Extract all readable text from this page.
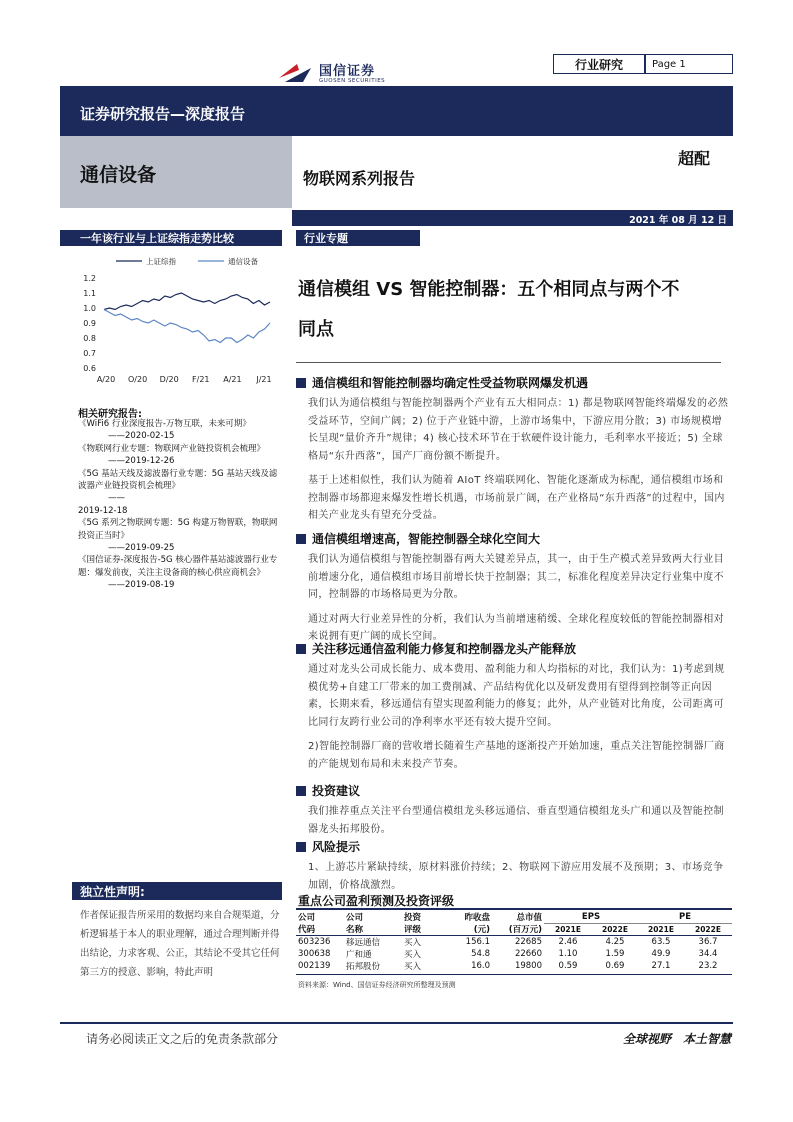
国信证券
GUOSEN SECURITIES
行业研究	Page
1
证券研究报告—深度报告
通信设备	物联网系列报告
超配
2021 年 08 月 12 日
一年该行业与上证综指走势比较
上证综指	通信设备
1.2
1.1
1.0
0.9
0.8
0.7
0.6
A/20 O/20 D/20 F/21 A/21 J/21
相关研究报告:
《WiFi6 行业深度报告-万物互联，未来可期》
——2020-02-15
《物联网行业专题：物联网产业链投资机会梳理》
——2019-12-26
《5G 基站天线及滤波器行业专题：5G 基站天线及滤波器产业链投资机会梳理》
——
2019-12-18
《5G 系列之物联网专题：5G 构建万物智联，物联网投资正当时》
——2019-09-25
《国信证券-深度报告-5G 核心器件基站滤波器行业专题：爆发前夜，关注主设备商的核心供应商机会》
——2019-08-19
独立性声明:
作者保证报告所采用的数据均来自合规渠道，分析逻辑基于本人的职业理解，通过合理判断并得出结论，力求客观、公正，其结论不受其它任何第三方的授意、影响，特此声明
行业专题
通信模组 VS 智能控制器：五个相同点与两个不
同点
通信模组和智能控制器均确定性受益物联网爆发机遇
我们认为通信模组与智能控制器两个产业有五大相同点：1) 都是物联网智能终端爆发的必然受益环节，空间广阔；2) 位于产业链中游，上游市场集中，下游应用分散；3) 市场规模增长呈现“量价齐升”规律；4) 核心技术环节在于软硬件设计能力，毛利率水平接近；5) 全球格局“东升西落”，国产厂商份额不断提升。
基于上述相似性，我们认为随着 AIoT 终端联网化、智能化逐渐成为标配，通信模组市场和控制器市场都迎来爆发性增长机遇，市场前景广阔，在产业格局“东升西落”的过程中，国内相关产业龙头有望充分受益。
通信模组增速高，智能控制器全球化空间大
我们认为通信模组与智能控制器有两大关键差异点，其一，由于生产模式差异致两大行业目前增速分化，通信模组市场目前增长快于控制器；其二，标准化程度差异决定行业集中度不同，控制器的市场格局更为分散。
通过对两大行业差异性的分析，我们认为当前增速稍缓、全球化程度较低的智能控制器相对来说拥有更广阔的成长空间。
关注移远通信盈利能力修复和控制器龙头产能释放
通过对龙头公司成长能力、成本费用、盈利能力和人均指标的对比，我们认为：1)考虑到规模优势+自建工厂带来的加工费削减、产品结构优化以及研发费用有望得到控制等正向因素，长期来看，移远通信有望实现盈利能力的修复；此外，从产业链对比角度，公司距离可比同行友跨行业公司的净利率水平还有较大提升空间。
2)智能控制器厂商的营收增长随着生产基地的逐渐投产开始加速，重点关注智能控制器厂商的产能规划布局和未来投产节奏。
投资建议
我们推荐重点关注平台型通信模组龙头移远通信、垂直型通信模组龙头广和通以及智能控制器龙头拓邦股份。
风险提示
1、上游芯片紧缺持续，原材料涨价持续；2、物联网下游应用发展不及预期；3、市场竞争加剧，价格战激烈。
重点公司盈利预测及投资评级
公司	公司	投资	昨收盘	总市值	EPS		PE	
代码	名称	评级	(元)	(百万元)	2021E	2022E	2021E	2022E
603236	移远通信	买入	156.1	22685	2.46	4.25	63.5	36.7
300638	广和通	买入	54.8	22660	1.10	1.59	49.9	34.4
002139	拓邦股份	买入	16.0	19800	0.59	0.69	27.1	23.2
资料来源：Wind、国信证券经济研究所整理及预测
请务必阅读正文之后的免责条款部分	全球视野　本土智慧
